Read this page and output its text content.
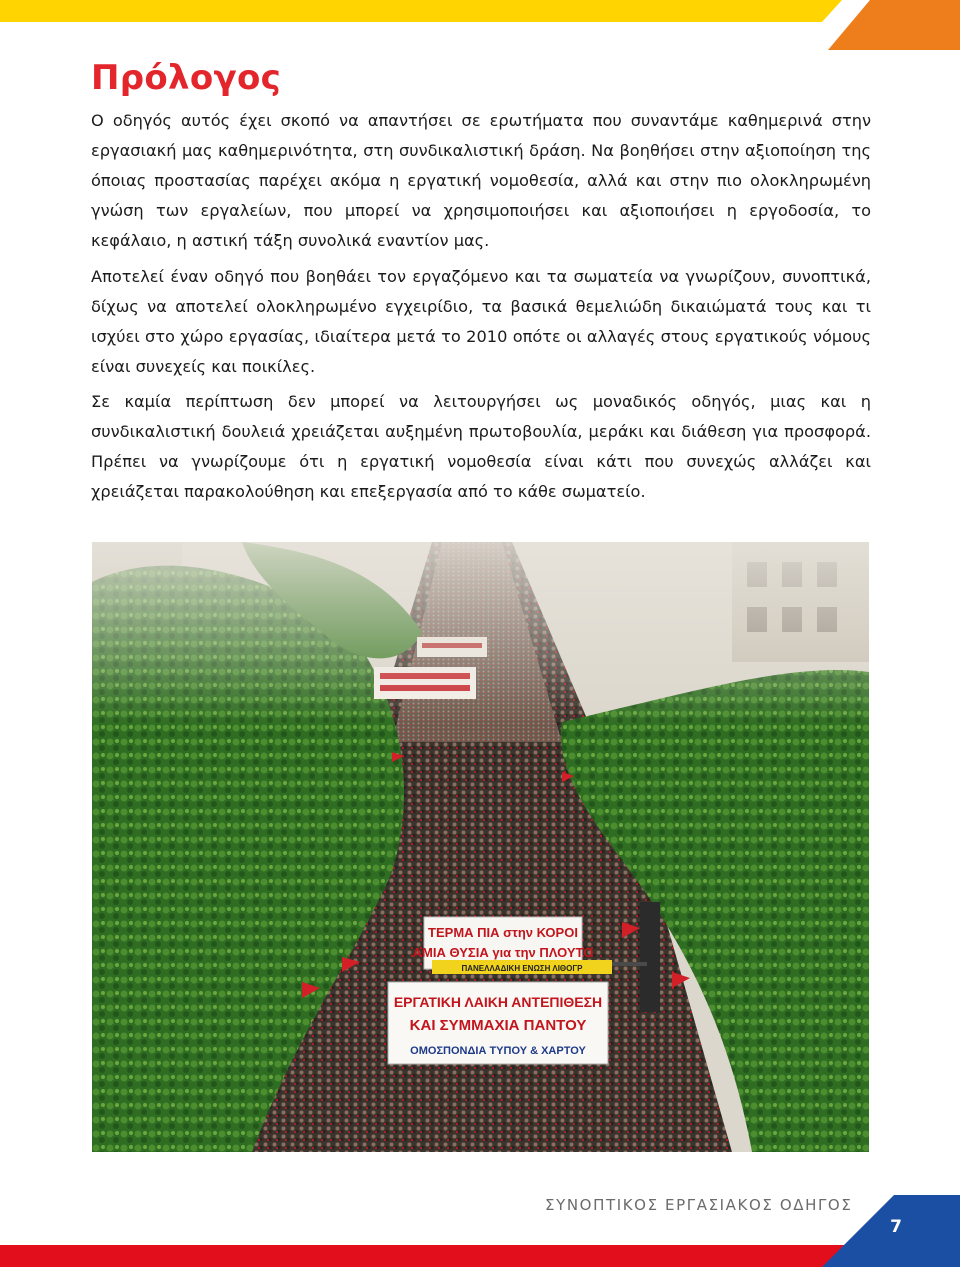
Πρόλογος

Ο οδηγός αυτός έχει σκοπό να απαντήσει σε ερωτήματα που συναντάμε καθημερινά στην εργασιακή μας καθημερινότητα, στη συνδικαλιστική δράση. Να βοηθήσει στην αξιοποίηση της όποιας προστασίας παρέχει ακόμα η εργατική νομοθεσία, αλλά και στην πιο ολοκληρωμένη γνώση των εργαλείων, που μπορεί να χρησιμοποιήσει και αξιοποιήσει η εργοδοσία, το κεφάλαιο, η αστική τάξη συνολικά εναντίον μας.

Αποτελεί έναν οδηγό που βοηθάει τον εργαζόμενο και τα σωματεία να γνωρίζουν, συνοπτικά, δίχως να αποτελεί ολοκληρωμένο εγχειρίδιο, τα βασικά θεμελιώδη δικαιώματά τους και τι ισχύει στο χώρο εργασίας, ιδιαίτερα μετά το 2010 οπότε οι αλλαγές στους εργατικούς νόμους είναι συνεχείς και ποικίλες.

Σε καμία περίπτωση δεν μπορεί να λειτουργήσει ως μοναδικός οδηγός, μιας και η συνδικαλιστική δουλειά χρειάζεται αυξημένη πρωτοβουλία, μεράκι και διάθεση για προσφορά. Πρέπει να γνωρίζουμε ότι η εργατική νομοθεσία είναι κάτι που συνεχώς αλλάζει και χρειάζεται παρακολούθηση και επεξεργασία από το κάθε σωματείο.

ΣΥΝΟΠΤΙΚΟΣ ΕΡΓΑΣΙΑΚΟΣ ΟΔΗΓΟΣ
7
